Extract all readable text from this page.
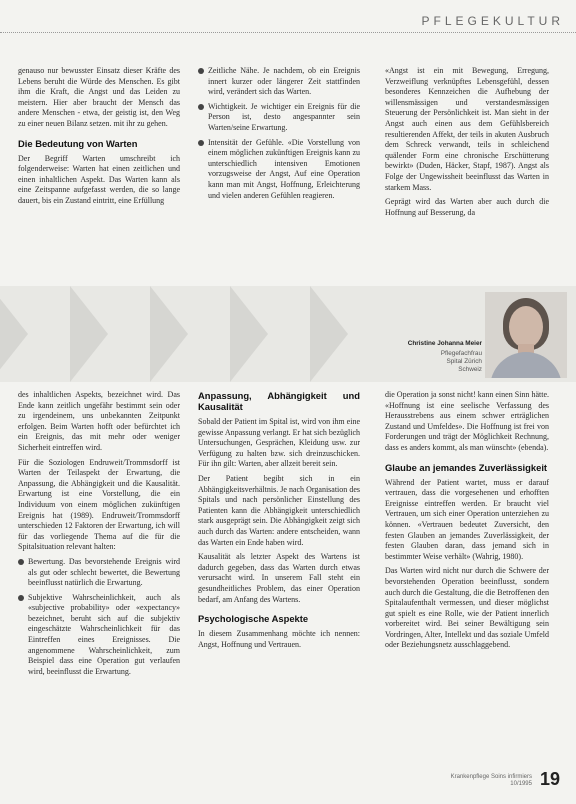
PFLEGEKULTUR

genauso nur bewusster Einsatz dieser Kräfte des Lebens beruht die Würde des Menschen. Es gibt ihm die Kraft, die Angst und das Leiden zu meistern. Hier aber braucht der Mensch das andere Menschen - etwa, der geistig ist, den Weg zu einer neuen Bilanz setzen. mit ihr zu gehen.

Die Bedeutung von Warten

Der Begriff Warten umschreibt ich folgenderweise: Warten hat einen zeitlichen und einen inhaltlichen Aspekt. Das Warten kann als eine Zeitspanne aufgefasst werden, die so lange dauert, bis ein Zustand eintritt, eine Erfüllung

Zeitliche Nähe. Je nachdem, ob ein Ereignis innert kurzer oder längerer Zeit stattfinden wird, verändert sich das Warten.
Wichtigkeit. Je wichtiger ein Ereignis für die Person ist, desto angespannter sein Warten/seine Erwartung.
Intensität der Gefühle. «Die Vorstellung von einem möglichen zukünftigen Ereignis kann zu unterschiedlich intensiven Emotionen vorzugsweise der Angst, Auf eine Operation kann man mit Angst, Hoffnung, Erleichterung und vielen anderen Gefühlen reagieren.

«Angst ist ein mit Bewegung, Erregung, Verzweiflung verknüpftes Lebensgefühl, dessen besonderes Kennzeichen die Aufhebung der willensmässigen und verstandesmässigen Steuerung der Persönlichkeit ist. Man sieht in der Angst auch einen aus dem Gefühlsbereich resultierenden Affekt, der teils in akuten Ausbruch dem Schreck verwandt, teils in schleichend quälender Form eine chronische Erschütterung bewirkt» (Duden, Häcker, Stapf, 1987). Angst als Folge der Ungewissheit beeinflusst das Warten in starkem Mass.

Geprägt wird das Warten aber auch durch die Hoffnung auf Besserung, da

Christine Johanna Meier
Pflegefachfrau
Spital Zürich
Schweiz

des inhaltlichen Aspekts, bezeichnet wird. Das Ende kann zeitlich ungefähr bestimmt sein oder zu irgendeinem, uns unbekannten Zeitpunkt erfolgen. Beim Warten hofft oder befürchtet ich ein Ereignis, das mit mehr oder weniger Sicherheit eintreffen wird.

Für die Soziologen Endruweit/Trommsdorff ist Warten der Teilaspekt der Erwartung, die Anpassung, die Abhängigkeit und die Kausalität. Erwartung ist eine Vorstellung, die ein Individuum von einem möglichen zukünftigen Ereignis hat (1989). Endruweit/Trommsdorff unterschieden 12 Faktoren der Erwartung, ich will für das vorliegende Thema auf die für die Spitalsituation relevant halten:

Bewertung. Das bevorstehende Ereignis wird als gut oder schlecht bewertet, die Bewertung beeinflusst natürlich die Erwartung.
Subjektive Wahrscheinlichkeit, auch als «subjective probability» oder «expectancy» bezeichnet, beruht sich auf die subjektiv eingeschätzte Wahrscheinlichkeit für das Eintreffen eines Ereignisses. Die angenommene Wahrscheinlichkeit, zum Beispiel dass eine Operation gut verlaufen wird, beeinflusst die Erwartung.
Anpassung, Abhängigkeit und Kausalität

Sobald der Patient im Spital ist, wird von ihm eine gewisse Anpassung verlangt. Er hat sich bezüglich Untersuchungen, Gesprächen, Kleidung usw. zur Verfügung zu halten bzw. sich dreinzuschicken. Für ihn gilt: Warten, aber allzeit bereit sein.

Der Patient begibt sich in ein Abhängigkeitsverhältnis. Je nach Organisation des Spitals und nach persönlicher Einstellung des Patienten kann die Abhängigkeit unterschiedlich stark ausgeprägt sein. Die Abhängigkeit zeigt sich auch durch das Warten: andere entscheiden, wann das Warten ein Ende haben wird.

Kausalität als letzter Aspekt des Wartens ist dadurch gegeben, dass das Warten durch etwas verursacht wird. In unserem Fall steht ein gesundheitliches Problem, das einer Operation bedarf, am Anfang des Wartens.

Psychologische Aspekte

In diesem Zusammenhang möchte ich nennen: Angst, Hoffnung und Vertrauen.

die Operation ja sonst nicht! kann einen Sinn hätte. «Hoffnung ist eine seelische Verfassung des Herausstrebens aus einem schwer erträglichen Zustand und Umfeldes». Die Hoffnung ist frei von Forderungen und trägt der Möglichkeit Rechnung, dass es anders kommt, als man wünscht» (ebenda).

Glaube an jemandes Zuverlässigkeit

Während der Patient wartet, muss er darauf vertrauen, dass die vorgesehenen und erhofften Ereignisse eintreffen werden. Er braucht viel Vertrauen, um sich einer Operation unterziehen zu können. «Vertrauen bedeutet Zuversicht, den festen Glauben an jemandes Zuverlässigkeit, der festen Glauben daran, dass jemand sich in bestimmter Weise verhält» (Wahrig, 1980).

Das Warten wird nicht nur durch die Schwere der bevorstehenden Operation beeinflusst, sondern auch durch die Gestaltung, die die Betroffenen den Spitalaufenthalt vermessen, und dieser möglichst gut spielt es eine Rolle, wie der Patient innerlich vorbereitet wird. Bei seiner Bewältigung sein Vordringen, Alter, Intellekt und das soziale Umfeld oder Beziehungsnetz ausschlaggebend.

Krankenpflege Soins infirmiers
10/1995 19
